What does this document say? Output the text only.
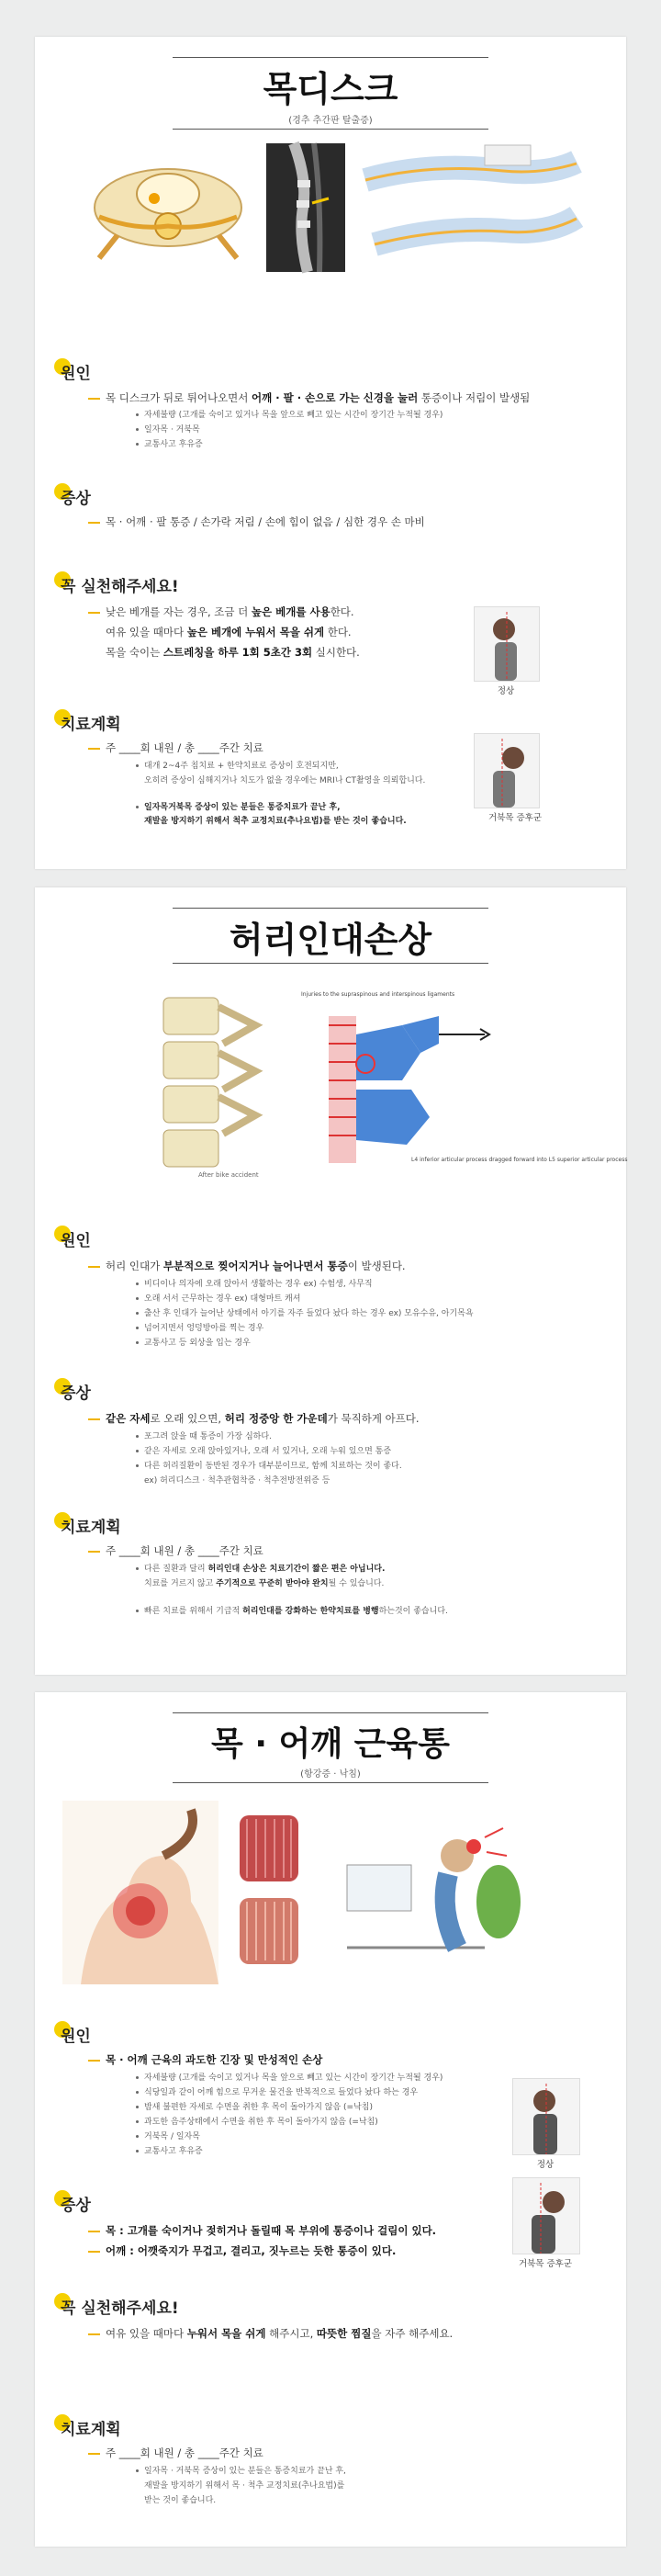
목디스크
(경추 추간판 탈출증)
원인
목 디스크가 뒤로 튀어나오면서 어깨 · 팔 · 손으로 가는 신경을 눌러 통증이나 저림이 발생됨
자세불량 (고개를 숙이고 있거나 목을 앞으로 빼고 있는 시간이 장기간 누적될 경우)
일자목 · 거북목
교통사고 후유증
증상
목 · 어깨 · 팔 통증 / 손가락 저림 / 손에 힘이 없음 / 심한 경우 손 마비
꼭 실천해주세요!
낮은 베개를 자는 경우, 조금 더 높은 베개를 사용한다.
여유 있을 때마다 높은 베개에 누워서 목을 쉬게 한다.
목을 숙이는 스트레칭을 하루 1회 5초간 3회 실시한다.
정상
거북목 증후군
치료계획
주 ____회 내원 / 총 ____주간 치료
대개 2~4주 침치료 + 한약치료로 증상이 호전되지만,
오히려 증상이 심해지거나 치도가 없을 경우에는 MRI나 CT촬영을 의뢰합니다.
일자목거북목 증상이 있는 분들은 통증치료가 끝난 후,
재발을 방지하기 위해서 척추 교정치료(추나요법)를 받는 것이 좋습니다.
허리인대손상
After bike accident
Injuries to the supraspinous and interspinous ligaments
L4 inferior articular process dragged forward into L5 superior articular process
원인
허리 인대가 부분적으로 찢어지거나 늘어나면서 통증이 발생된다.
비디이나 의자에 오래 앉아서 생활하는 경우 ex) 수험생, 사무직
오래 서서 근무하는 경우 ex) 대형마트 캐셔
출산 후 인대가 늘어난 상태에서 아기를 자주 들었다 놨다 하는 경우 ex) 모유수유, 아기목욕
넘어지면서 엉덩방아를 찍는 경우
교통사고 등 외상을 입는 경우
증상
같은 자세로 오래 있으면, 허리 정중앙 한 가운데가 묵직하게 아프다.
포그려 앉을 때 통증이 가장 심하다.
같은 자세로 오래 앉아있거나, 오래 서 있거나, 오래 누워 있으면 통증
다른 허리질환이 동반된 경우가 대부분이므로, 함께 치료하는 것이 좋다.
ex) 허리디스크 · 척추관협착증 · 척추전방전위증 등
치료계획
주 ____회 내원 / 총 ____주간 치료
다른 질환과 달리 허리인대 손상은 치료기간이 짧은 편은 아닙니다.
치료를 거르지 않고 주기적으로 꾸준히 받아야 완치될 수 있습니다.
빠른 치료를 위해서 기급적 허리인대를 강화하는 한약치료를 병행하는것이 좋습니다.
목 · 어깨 근육통
(항강증 · 낙침)
원인
목 · 어깨 근육의 과도한 긴장 및 만성적인 손상
자세불량 (고개를 숙이고 있거나 목을 앞으로 빼고 있는 시간이 장기간 누적될 경우)
식당일과 같이 어깨 힘으로 무거운 물건을 반복적으로 들었다 놨다 하는 경우
밤새 불편한 자세로 수면을 취한 후 목이 돌아가지 않음 (=낙침)
과도한 음주상태에서 수면을 취한 후 목이 돌아가지 않음 (=낙침)
거북목 / 일자목
교통사고 후유증
정상
거북목 증후군
증상
목 : 고개를 숙이거나 젖히거나 돌릴때 목 부위에 통증이나 걸림이 있다.
어깨 : 어깻죽지가 무겁고, 결리고, 짓누르는 듯한 통증이 있다.
꼭 실천해주세요!
여유 있을 때마다 누워서 목을 쉬게 해주시고, 따뜻한 찜질을 자주 해주세요.
치료계획
주 ____회 내원 / 총 ____주간 치료
일자목 · 거북목 증상이 있는 분들은 통증치료가 끝난 후,
재발을 방지하기 위해서 목 · 척추 교정치료(추나요법)를
받는 것이 좋습니다.
